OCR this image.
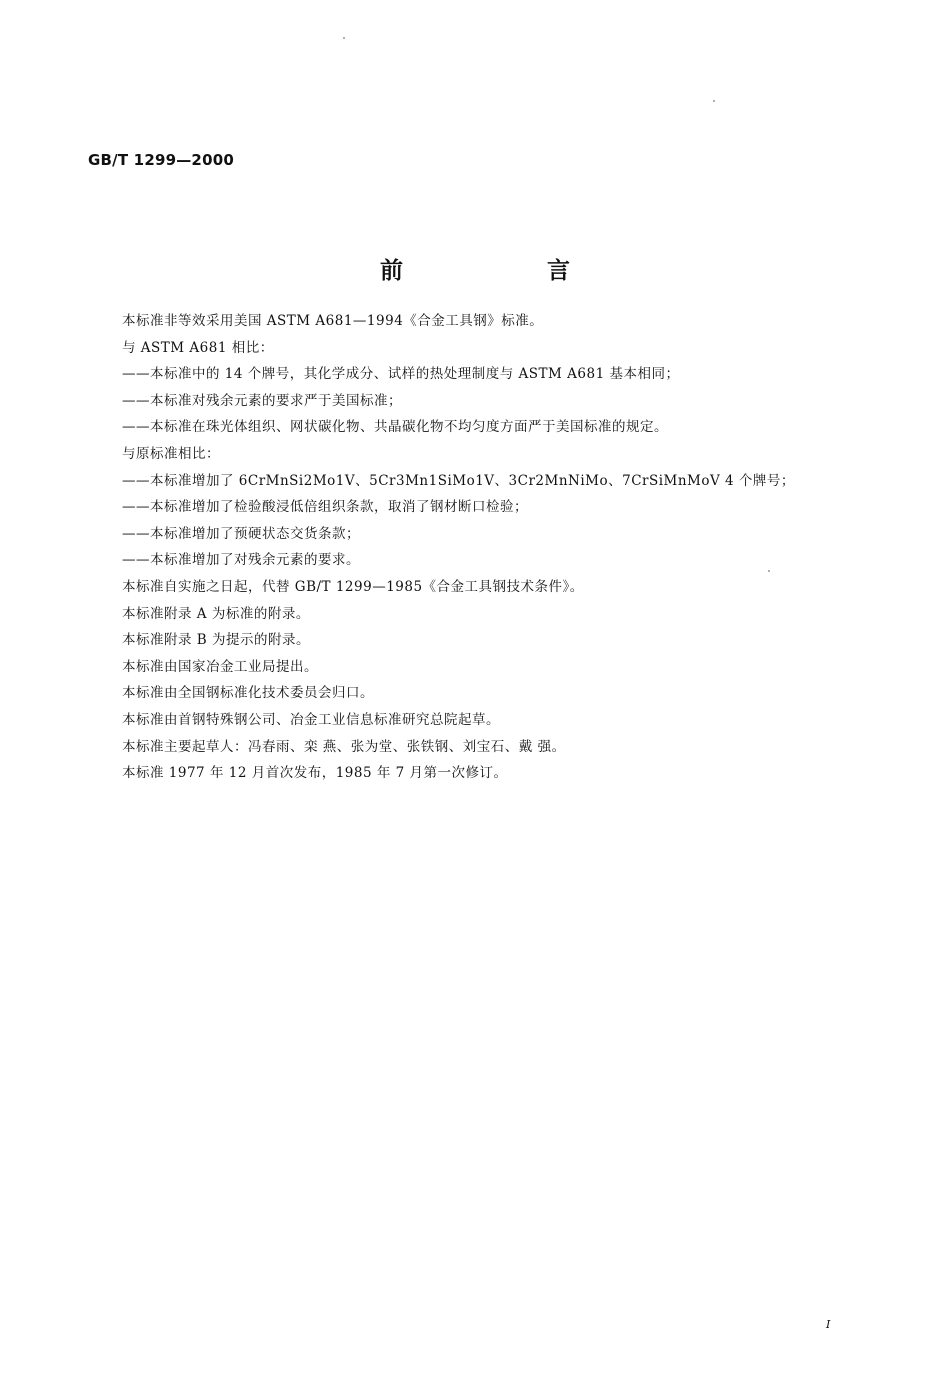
GB/T 1299—2000
前 言
本标准非等效采用美国 ASTM A681—1994《合金工具钢》标准。
与 ASTM A681 相比：
——本标准中的 14 个牌号，其化学成分、试样的热处理制度与 ASTM A681 基本相同；
——本标准对残余元素的要求严于美国标准；
——本标准在珠光体组织、网状碳化物、共晶碳化物不均匀度方面严于美国标准的规定。
与原标准相比：
——本标准增加了 6CrMnSi2Mo1V、5Cr3Mn1SiMo1V、3Cr2MnNiMo、7CrSiMnMoV 4 个牌号；
——本标准增加了检验酸浸低倍组织条款，取消了钢材断口检验；
——本标准增加了预硬状态交货条款；
——本标准增加了对残余元素的要求。
本标准自实施之日起，代替 GB/T 1299—1985《合金工具钢技术条件》。
本标准附录 A 为标准的附录。
本标准附录 B 为提示的附录。
本标准由国家冶金工业局提出。
本标准由全国钢标准化技术委员会归口。
本标准由首钢特殊钢公司、冶金工业信息标准研究总院起草。
本标准主要起草人：冯春雨、栾 燕、张为堂、张铁钢、刘宝石、戴 强。
本标准 1977 年 12 月首次发布，1985 年 7 月第一次修订。
I
